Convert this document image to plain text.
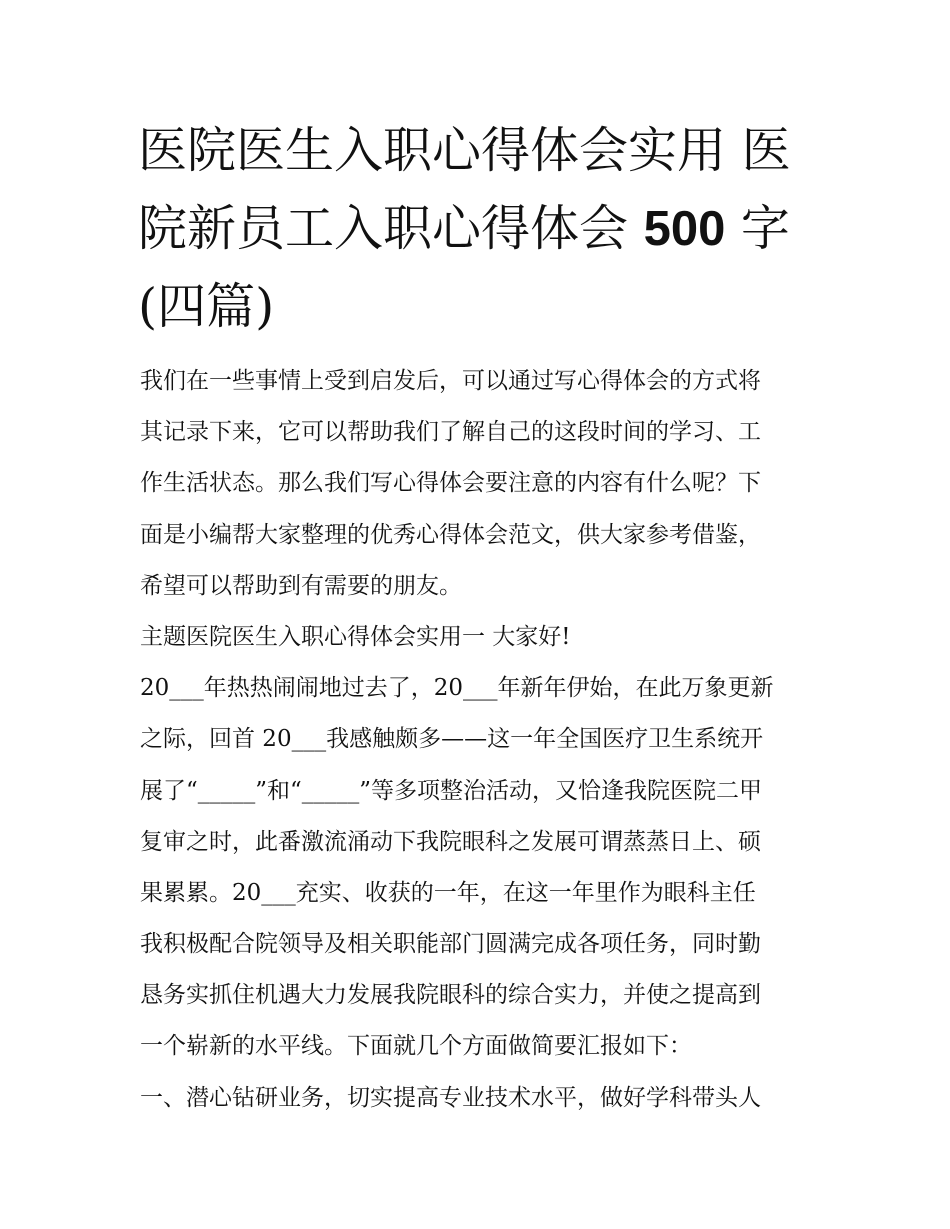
医院医生入职心得体会实用 医
院新员工入职心得体会 500 字
(四篇)
我们在一些事情上受到启发后，可以通过写心得体会的方式将
其记录下来，它可以帮助我们了解自己的这段时间的学习、工
作生活状态。那么我们写心得体会要注意的内容有什么呢？下
面是小编帮大家整理的优秀心得体会范文，供大家参考借鉴，
希望可以帮助到有需要的朋友。
主题医院医生入职心得体会实用一 大家好!
20___年热热闹闹地过去了，20___年新年伊始，在此万象更新
之际，回首 20___我感触颇多——这一年全国医疗卫生系统开
展了“_____”和“_____”等多项整治活动，又恰逢我院医院二甲
复审之时，此番激流涌动下我院眼科之发展可谓蒸蒸日上、硕
果累累。20___充实、收获的一年，在这一年里作为眼科主任
我积极配合院领导及相关职能部门圆满完成各项任务，同时勤
恳务实抓住机遇大力发展我院眼科的综合实力，并使之提高到
一个崭新的水平线。下面就几个方面做简要汇报如下：
一、潜心钻研业务，切实提高专业技术水平，做好学科带头人
